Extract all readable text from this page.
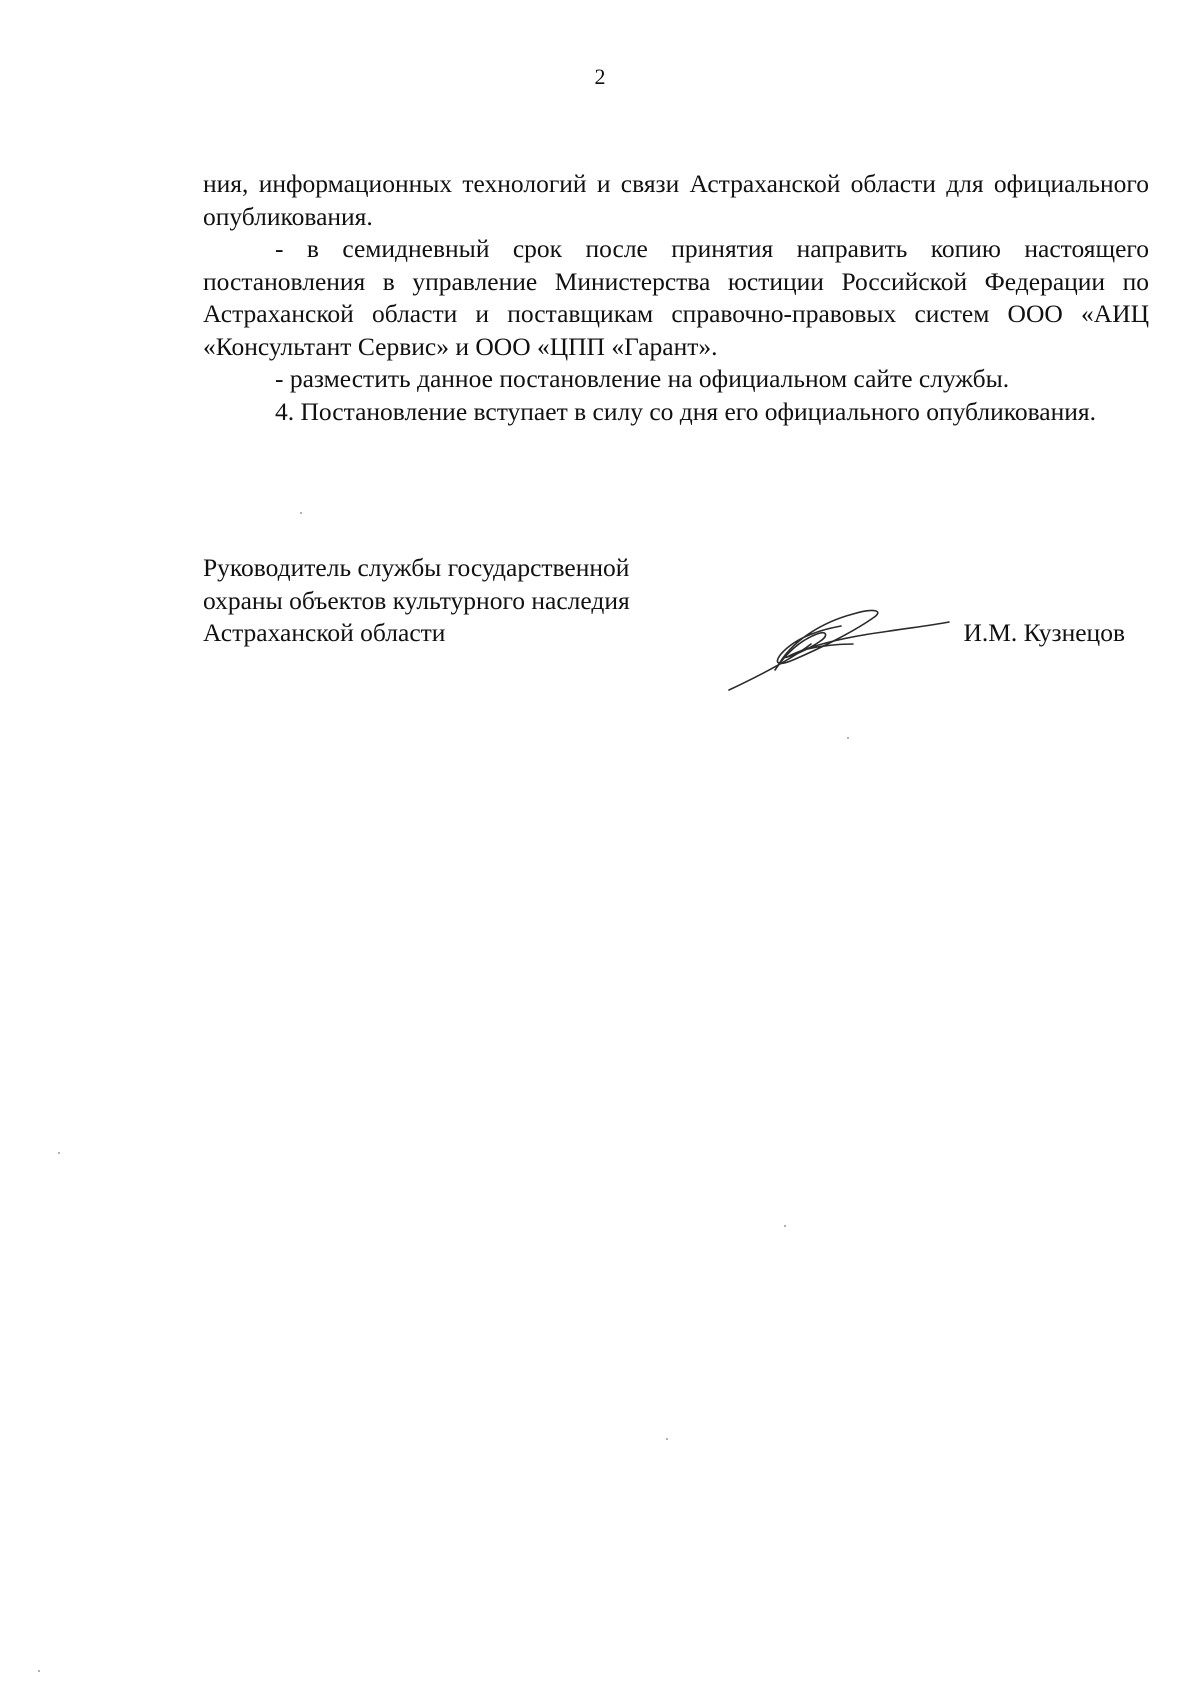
2

ния, информационных технологий и связи Астраханской области для официального опубликования.

- в семидневный срок после принятия направить копию настоящего постановления в управление Министерства юстиции Российской Федерации по Астраханской области и поставщикам справочно-правовых систем ООО «АИЦ «Консультант Сервис» и ООО «ЦПП «Гарант».

- разместить данное постановление на официальном сайте службы.

4. Постановление вступает в силу со дня его официального опубликования.

Руководитель службы государственной
охраны объектов культурного наследия
Астраханской области	И.М. Кузнецов
